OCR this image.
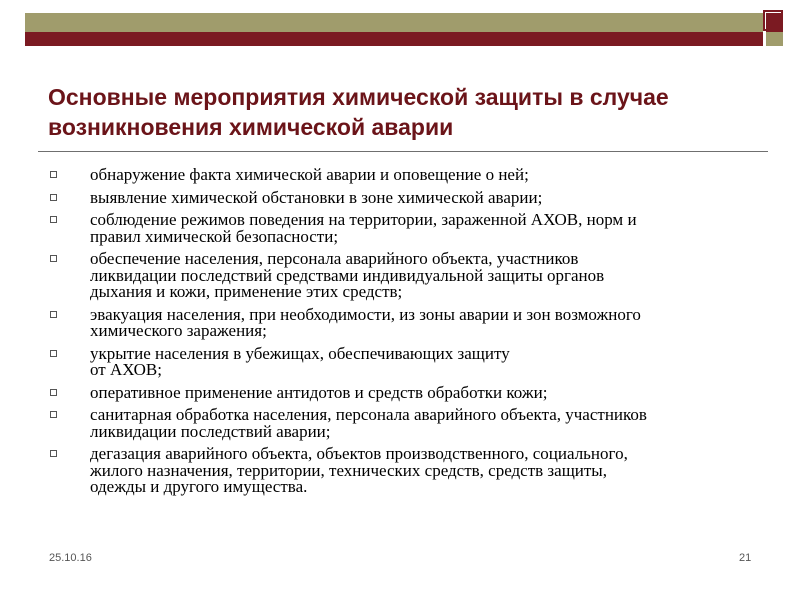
Основные мероприятия химической защиты в случае возникновения химической аварии
обнаружение факта химической аварии и оповещение о ней;
выявление химической обстановки в зоне химической аварии;
соблюдение режимов поведения на территории, зараженной АХОВ, норм и
правил химической безопасности;
обеспечение населения, персонала аварийного объекта, участников
ликвидации последствий средствами индивидуальной защиты органов
дыхания и кожи, применение этих средств;
эвакуация населения, при необходимости, из зоны аварии и зон возможного
химического заражения;
укрытие населения в убежищах, обеспечивающих защиту
от АХОВ;
оперативное применение антидотов и средств обработки кожи;
санитарная обработка населения, персонала аварийного объекта, участников
ликвидации последствий аварии;
дегазация аварийного объекта, объектов производственного, социального,
жилого назначения, территории, технических средств, средств защиты,
одежды и другого имущества.
25.10.16	21
